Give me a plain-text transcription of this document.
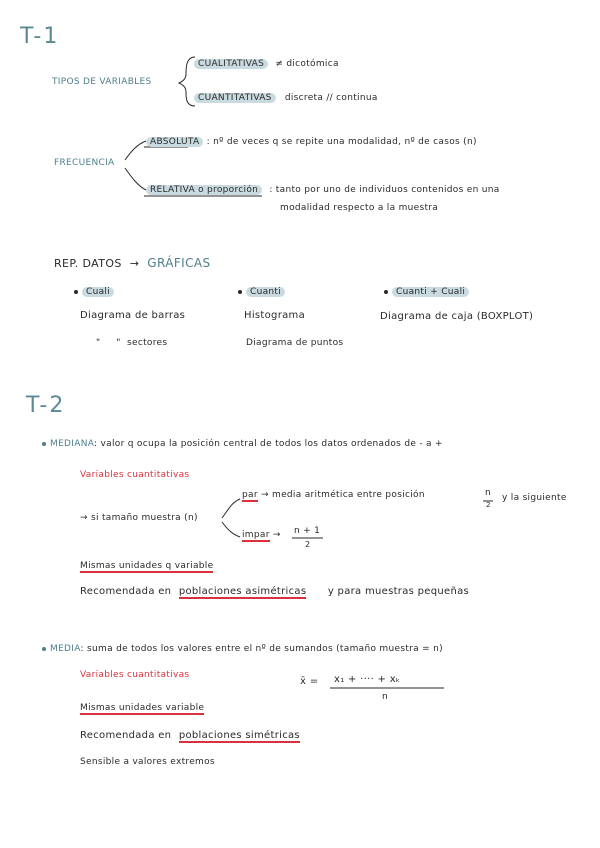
T-1
TIPOS DE VARIABLES
CUALITATIVAS ≠ dicotómica
CUANTITATIVAS discreta // continua
FRECUENCIA
ABSOLUTA : nº de veces q se repite una modalidad, nº de casos (n)
RELATIVA o proporción : tanto por uno de individuos contenidos en una
modalidad respecto a la muestra
REP. DATOS → GRÁFICAS
Cuali
Diagrama de barras
"     "  sectores
Cuanti
Histograma
Diagrama de puntos
Cuanti + Cuali
Diagrama de caja (BOXPLOT)
T-2
MEDIANA: valor q ocupa la posición central de todos los datos ordenados de - a +
Variables cuantitativas
→ si tamaño muestra (n)
par → media aritmética entre posición	n
2
y la siguiente
impar → n + 1
2
Mismas unidades q variable
Recomendada en poblaciones asimétricas y para muestras pequeñas
MEDIA: suma de todos los valores entre el nº de sumandos (tamaño muestra = n)
Variables cuantitativas
x̄ = x₁ + ···· + xₖ
n
Mismas unidades variable
Recomendada en poblaciones simétricas
Sensible a valores extremos
